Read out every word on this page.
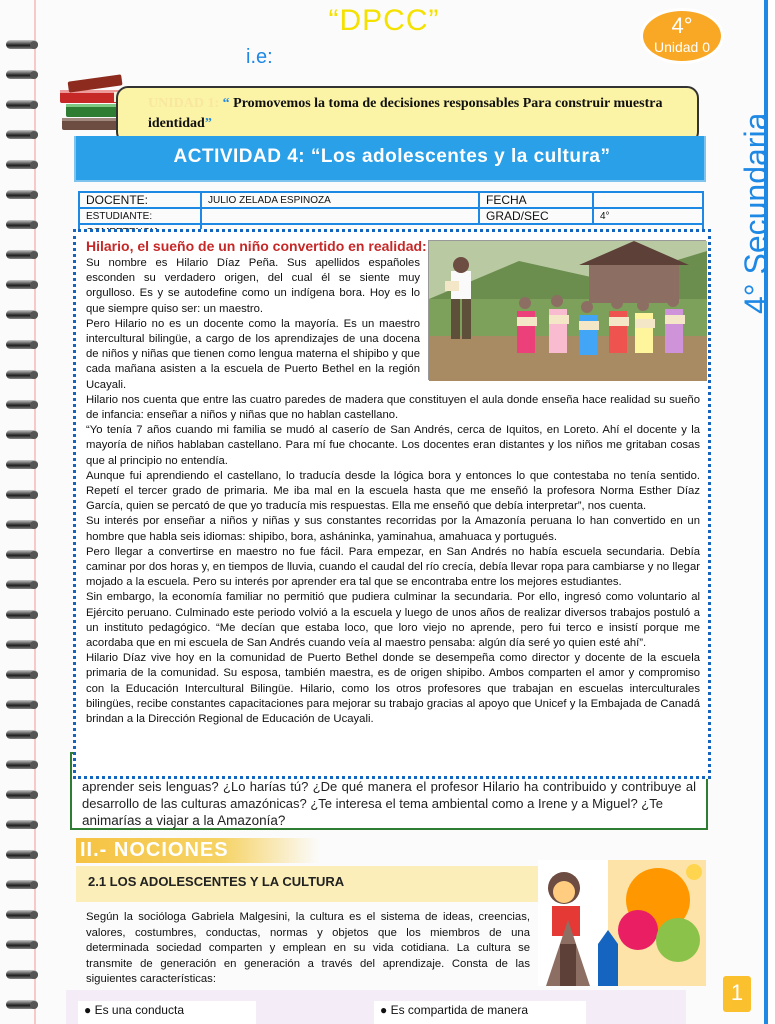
“DPCC”
i.e:
4°
Unidad 0
4° Secundaria
UNIDAD 1: “ Promovemos la toma de decisiones responsables Para construir muestra identidad”
ACTIVIDAD 4: “Los adolescentes y la cultura”
DOCENTE:	JULIO ZELADA ESPINOZA	FECHA	
ESTUDIANTE:		GRAD/SEC	4°

aprender seis lenguas? ¿Lo harías tú? ¿De qué manera el profesor Hilario ha contribuido y contribuye al desarrollo de las culturas amazónicas? ¿Te interesa el tema ambiental como a Irene y a Miguel? ¿Te

animarías a viajar a la Amazonía?

Hilario, el sueño de un niño convertido en realidad:

Su nombre es Hilario Díaz Peña. Sus apellidos españoles esconden su verdadero origen, del cual él se siente muy orgulloso. Es y se autodefine como un indígena bora. Hoy es lo que siempre quiso ser: un maestro.

Pero Hilario no es un docente como la mayoría. Es un maestro intercultural bilingüe, a cargo de los aprendizajes de una docena de niños y niñas que tienen como lengua materna el shipibo y que cada mañana asisten a la escuela de Puerto Bethel en la región Ucayali.

Hilario nos cuenta que entre las cuatro paredes de madera que constituyen el aula donde enseña hace realidad su sueño de infancia: enseñar a niños y niñas que no hablan castellano.

“Yo tenía 7 años cuando mi familia se mudó al caserío de San Andrés, cerca de Iquitos, en Loreto. Ahí el docente y la mayoría de niños hablaban castellano. Para mí fue chocante. Los docentes eran distantes y los niños me gritaban cosas que al principio no entendía.

Aunque fui aprendiendo el castellano, lo traducía desde la lógica bora y entonces lo que contestaba no tenía sentido. Repetí el tercer grado de primaria. Me iba mal en la escuela hasta que me enseñó la profesora Norma Esther Díaz García, quien se percató de que yo traducía mis respuestas. Ella me enseñó que debía interpretar”, nos cuenta.

Su interés por enseñar a niños y niñas y sus constantes recorridas por la Amazonía peruana lo han convertido en un hombre que habla seis idiomas: shipibo, bora, asháninka, yaminahua, amahuaca y portugués.

Pero llegar a convertirse en maestro no fue fácil. Para empezar, en San Andrés no había escuela secundaria. Debía caminar por dos horas y, en tiempos de lluvia, cuando el caudal del río crecía, debía llevar ropa para cambiarse y no llegar mojado a la escuela. Pero su interés por aprender era tal que se encontraba entre los mejores estudiantes.

Sin embargo, la economía familiar no permitió que pudiera culminar la secundaria. Por ello, ingresó como voluntario al Ejército peruano. Culminado este periodo volvió a la escuela y luego de unos años de realizar diversos trabajos postuló a un instituto pedagógico. “Me decían que estaba loco, que loro viejo no aprende, pero fui terco e insistí porque me acordaba que en mi escuela de San Andrés cuando veía al maestro pensaba: algún día seré yo quien esté ahí”.

Hilario Díaz vive hoy en la comunidad de Puerto Bethel donde se desempeña como director y docente de la escuela primaria de la comunidad. Su esposa, también maestra, es de origen shipibo. Ambos comparten el amor y compromiso con la Educación Intercultural Bilingüe. Hilario, como los otros profesores que trabajan en escuelas interculturales bilingües, recibe constantes capacitaciones para mejorar su trabajo gracias al apoyo que Unicef y la Embajada de Canadá brindan a la Dirección Regional de Educación de Ucayali.

II.- NOCIONES
2.1 LOS ADOLESCENTES Y LA CULTURA

Según la socióloga Gabriela Malgesini, la cultura es el sistema de ideas, creencias, valores, costumbres, conductas, normas y objetos que los miembros de una determinada sociedad comparten y emplean en su vida cotidiana. La cultura se transmite de generación en generación a través del aprendizaje. Consta de las siguientes características:

● Es una conducta	● Es compartida de manera
1
